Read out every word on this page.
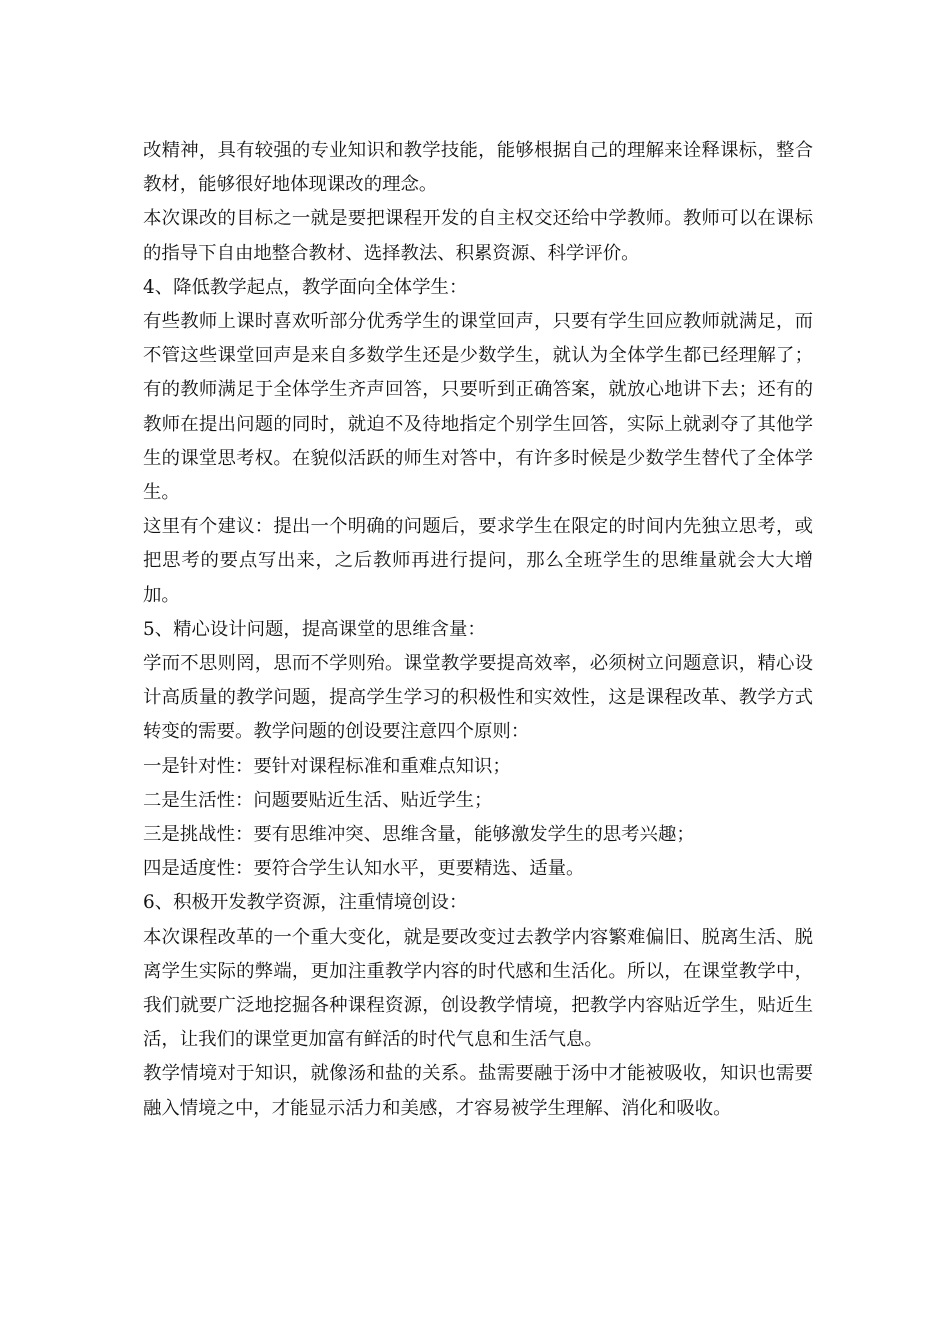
改精神，具有较强的专业知识和教学技能，能够根据自己的理解来诠释课标，整合教材，能够很好地体现课改的理念。

本次课改的目标之一就是要把课程开发的自主权交还给中学教师。教师可以在课标的指导下自由地整合教材、选择教法、积累资源、科学评价。

4、降低教学起点，教学面向全体学生：

有些教师上课时喜欢听部分优秀学生的课堂回声，只要有学生回应教师就满足，而不管这些课堂回声是来自多数学生还是少数学生，就认为全体学生都已经理解了；有的教师满足于全体学生齐声回答，只要听到正确答案，就放心地讲下去；还有的教师在提出问题的同时，就迫不及待地指定个别学生回答，实际上就剥夺了其他学生的课堂思考权。在貌似活跃的师生对答中，有许多时候是少数学生替代了全体学生。

这里有个建议：提出一个明确的问题后，要求学生在限定的时间内先独立思考，或把思考的要点写出来，之后教师再进行提问，那么全班学生的思维量就会大大增加。

5、精心设计问题，提高课堂的思维含量：

学而不思则罔，思而不学则殆。课堂教学要提高效率，必须树立问题意识，精心设计高质量的教学问题，提高学生学习的积极性和实效性，这是课程改革、教学方式转变的需要。教学问题的创设要注意四个原则：

一是针对性：要针对课程标准和重难点知识；

二是生活性：问题要贴近生活、贴近学生；

三是挑战性：要有思维冲突、思维含量，能够激发学生的思考兴趣；

四是适度性：要符合学生认知水平，更要精选、适量。

6、积极开发教学资源，注重情境创设：

本次课程改革的一个重大变化，就是要改变过去教学内容繁难偏旧、脱离生活、脱离学生实际的弊端，更加注重教学内容的时代感和生活化。所以，在课堂教学中，我们就要广泛地挖掘各种课程资源，创设教学情境，把教学内容贴近学生，贴近生活，让我们的课堂更加富有鲜活的时代气息和生活气息。

教学情境对于知识，就像汤和盐的关系。盐需要融于汤中才能被吸收，知识也需要融入情境之中，才能显示活力和美感，才容易被学生理解、消化和吸收。
